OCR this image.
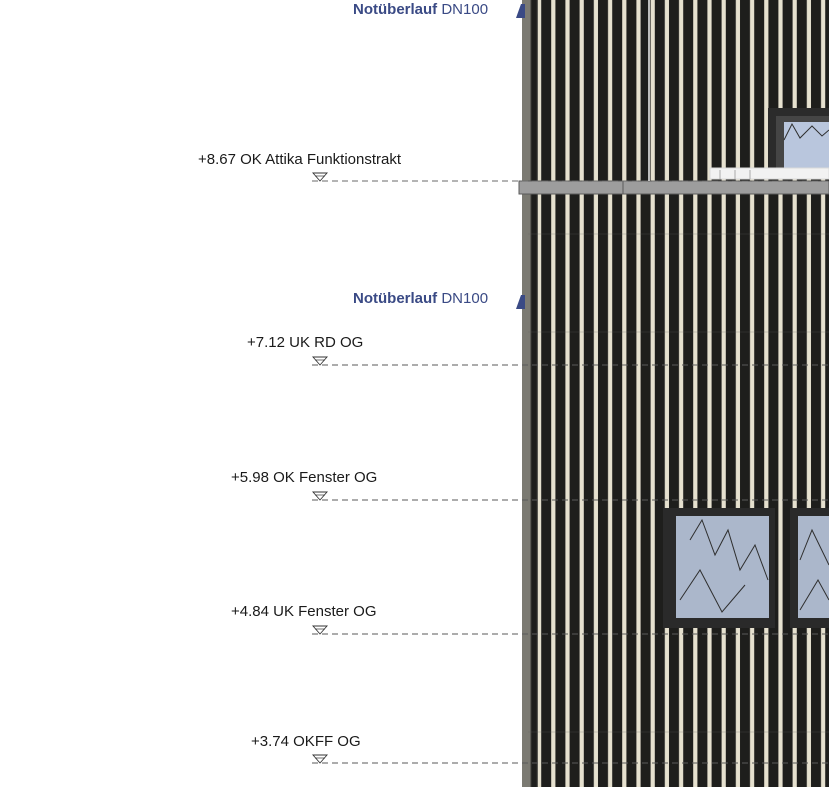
+8.67 OK Attika Funktionstrakt
+7.12 UK RD OG
+5.98 OK Fenster OG
+4.84 UK Fenster OG
+3.74 OKFF OG
Notüberlauf DN100
Notüberlauf DN100
